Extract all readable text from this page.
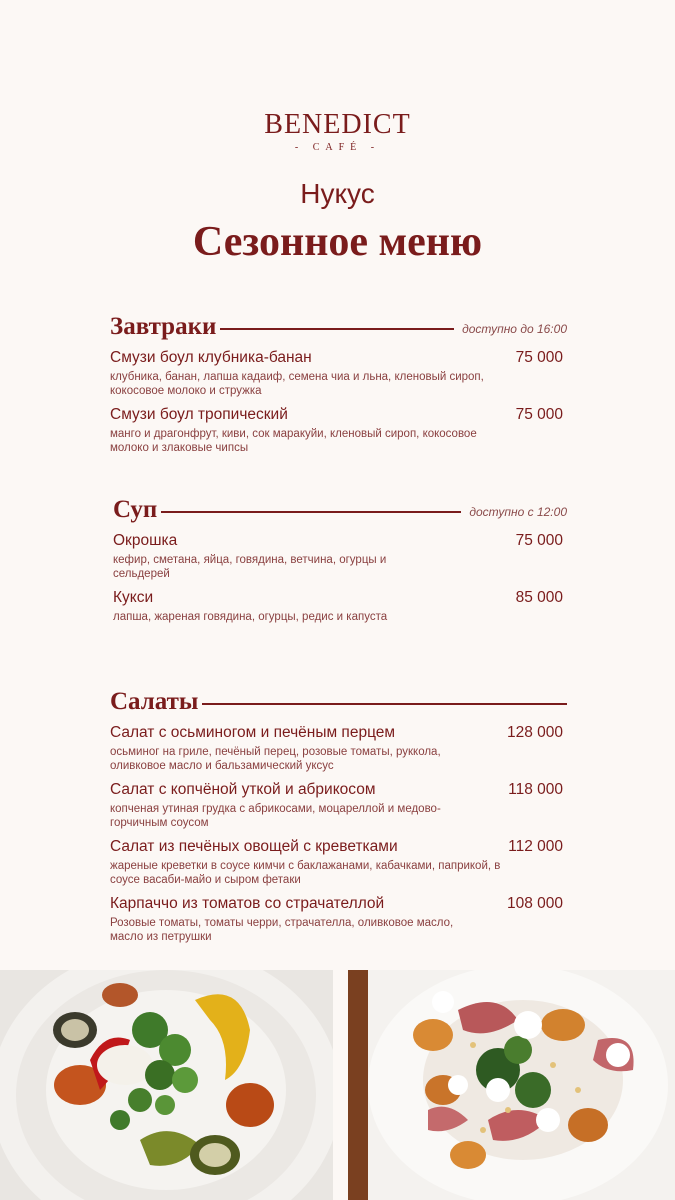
BENEDICT
- CAFÉ -
Нукус
Сезонное меню
Завтраки	доступно до 16:00
Смузи боул клубника-банан	75 000
клубника, банан, лапша кадаиф, семена чиа и льна, кленовый сироп, кокосовое молоко и стружка
Смузи боул тропический	75 000
манго и драгонфрут, киви, сок маракуйи, кленовый сироп, кокосовое молоко и злаковые чипсы
Суп	доступно с 12:00
Окрошка	75 000
кефир, сметана, яйца, говядина, ветчина, огурцы и сельдерей
Кукси	85 000
лапша, жареная говядина, огурцы, редис и капуста
Салаты
Салат с осьминогом и печёным перцем	128 000
осьминог на гриле, печёный перец, розовые томаты, руккола, оливковое масло и бальзамический уксус
Салат с копчёной уткой и абрикосом	118 000
копченая утиная грудка с абрикосами, моцареллой и медово-горчичным соусом
Салат из печёных овощей с креветками	112 000
жареные креветки в соусе кимчи с баклажанами, кабачками, паприкой, в соусе васаби-майо и сыром фетаки
Карпаччо из томатов со страчателлой	108 000
Розовые томаты, томаты черри, страчателла, оливковое масло, масло из петрушки
